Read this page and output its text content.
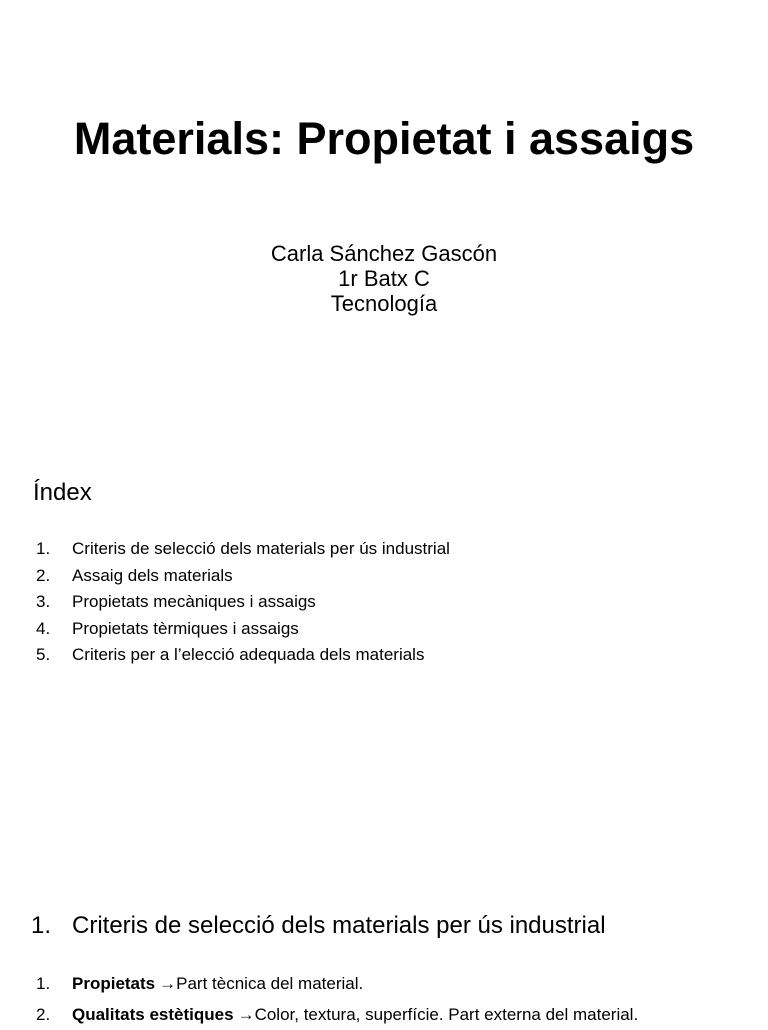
Materials: Propietat i assaigs
Carla Sánchez Gascón
1r Batx C
Tecnología
Índex
1.	Criteris de selecció dels materials per ús industrial
2.	Assaig dels materials
3.	Propietats mecàniques i assaigs
4.	Propietats tèrmiques i assaigs
5.	Criteris per a l’elecció adequada dels materials
1. Criteris de selecció dels materials per ús industrial
1.	Propietats → Part tècnica del material.
2.	Qualitats estètiques → Color, textura, superfície. Part externa del material.
